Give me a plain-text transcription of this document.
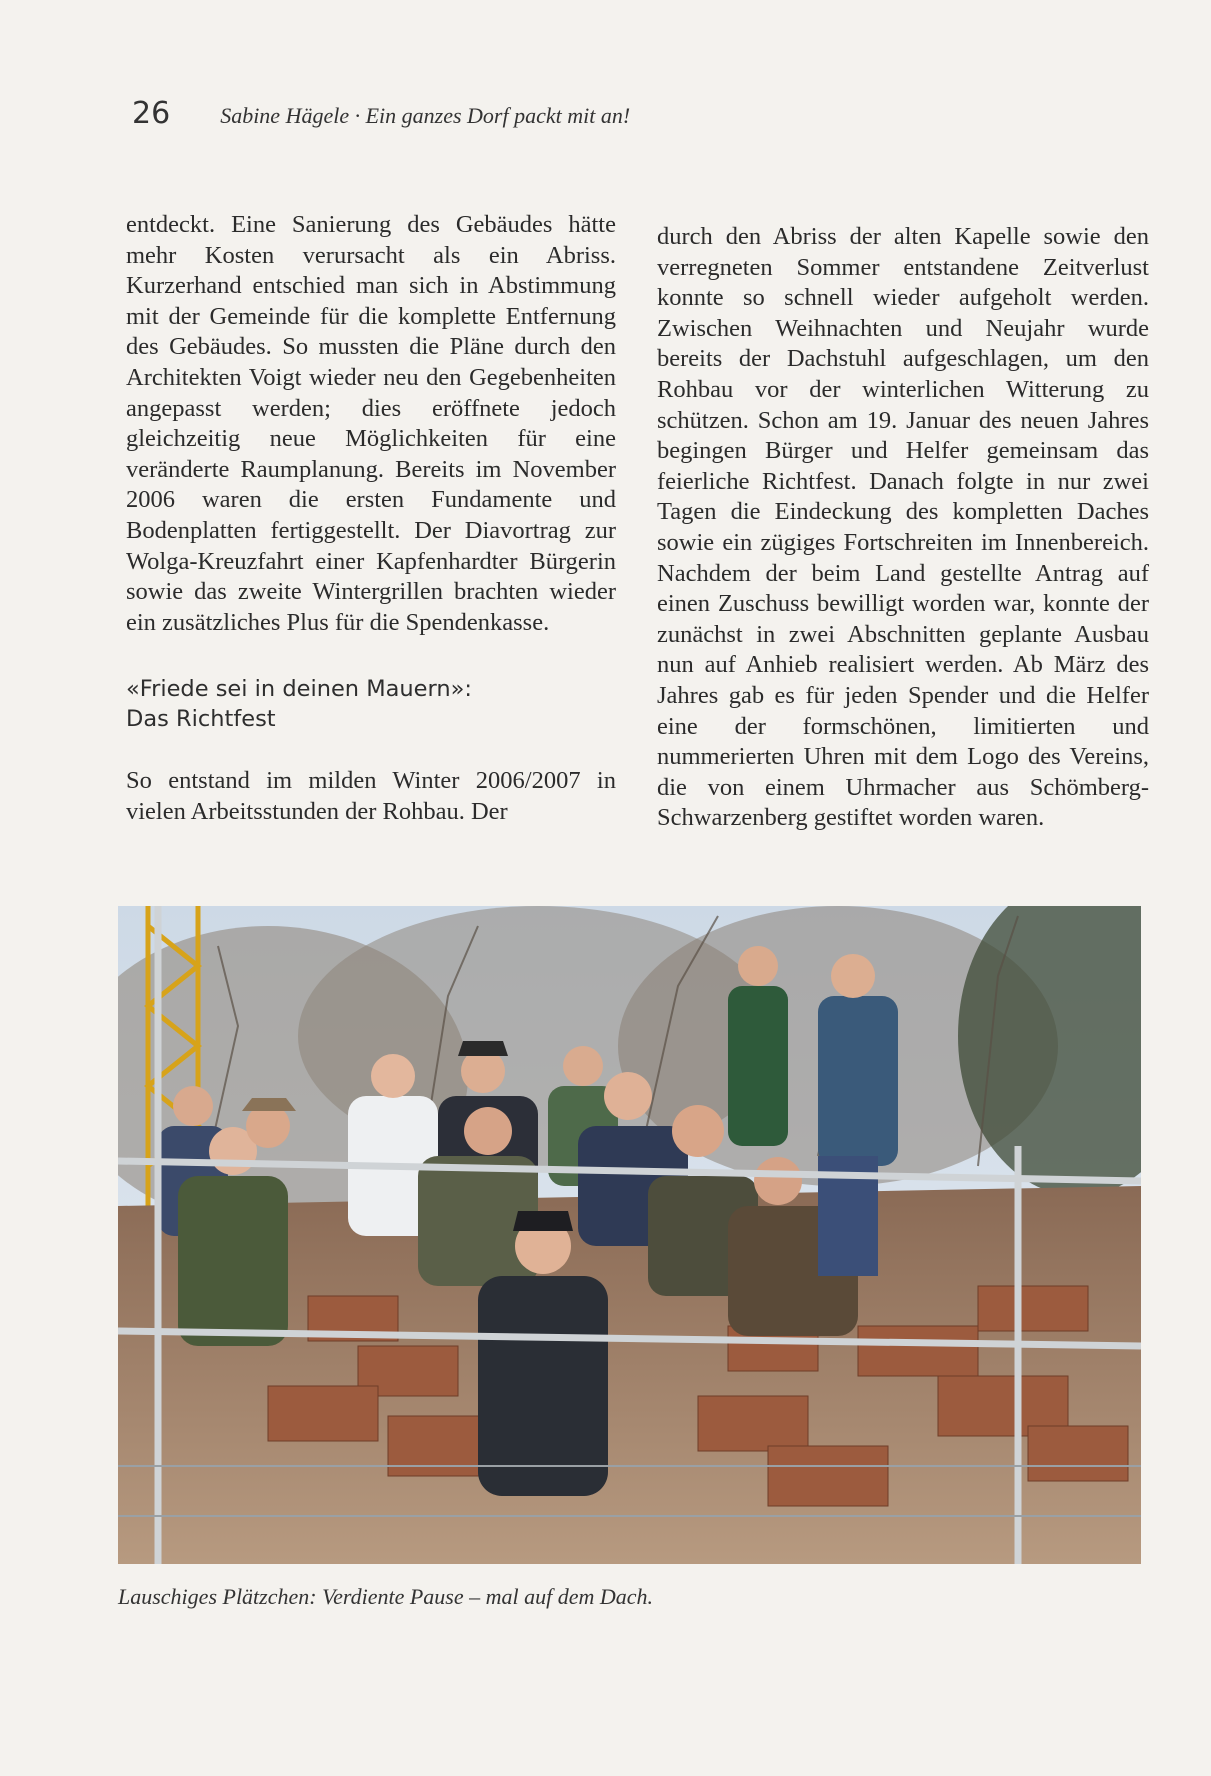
26 Sabine Hägele · Ein ganzes Dorf packt mit an!

entdeckt. Eine Sanierung des Gebäudes hätte mehr Kosten verursacht als ein Abriss. Kurzerhand entschied man sich in Abstimmung mit der Gemeinde für die komplette Entfernung des Gebäudes. So mussten die Pläne durch den Architekten Voigt wieder neu den Gegebenheiten angepasst werden; dies eröffnete jedoch gleichzeitig neue Möglichkeiten für eine veränderte Raumplanung. Bereits im November 2006 waren die ersten Fundamente und Bodenplatten fertiggestellt. Der Diavortrag zur Wolga-Kreuzfahrt einer Kapfenhardter Bürgerin sowie das zweite Wintergrillen brachten wieder ein zusätzliches Plus für die Spendenkasse.

«Friede sei in deinen Mauern»:
Das Richtfest

So entstand im milden Winter 2006/2007 in vielen Arbeitsstunden der Rohbau. Der

durch den Abriss der alten Kapelle sowie den verregneten Sommer entstandene Zeitverlust konnte so schnell wieder aufgeholt werden. Zwischen Weihnachten und Neujahr wurde bereits der Dachstuhl aufgeschlagen, um den Rohbau vor der winterlichen Witterung zu schützen. Schon am 19. Januar des neuen Jahres begingen Bürger und Helfer gemeinsam das feierliche Richtfest. Danach folgte in nur zwei Tagen die Eindeckung des kompletten Daches sowie ein zügiges Fortschreiten im Innenbereich. Nachdem der beim Land gestellte Antrag auf einen Zuschuss bewilligt worden war, konnte der zunächst in zwei Abschnitten geplante Ausbau nun auf Anhieb realisiert werden. Ab März des Jahres gab es für jeden Spender und die Helfer eine der formschönen, limitierten und nummerierten Uhren mit dem Logo des Vereins, die von einem Uhrmacher aus Schömberg-Schwarzenberg gestiftet worden waren.

Lauschiges Plätzchen: Verdiente Pause – mal auf dem Dach.
